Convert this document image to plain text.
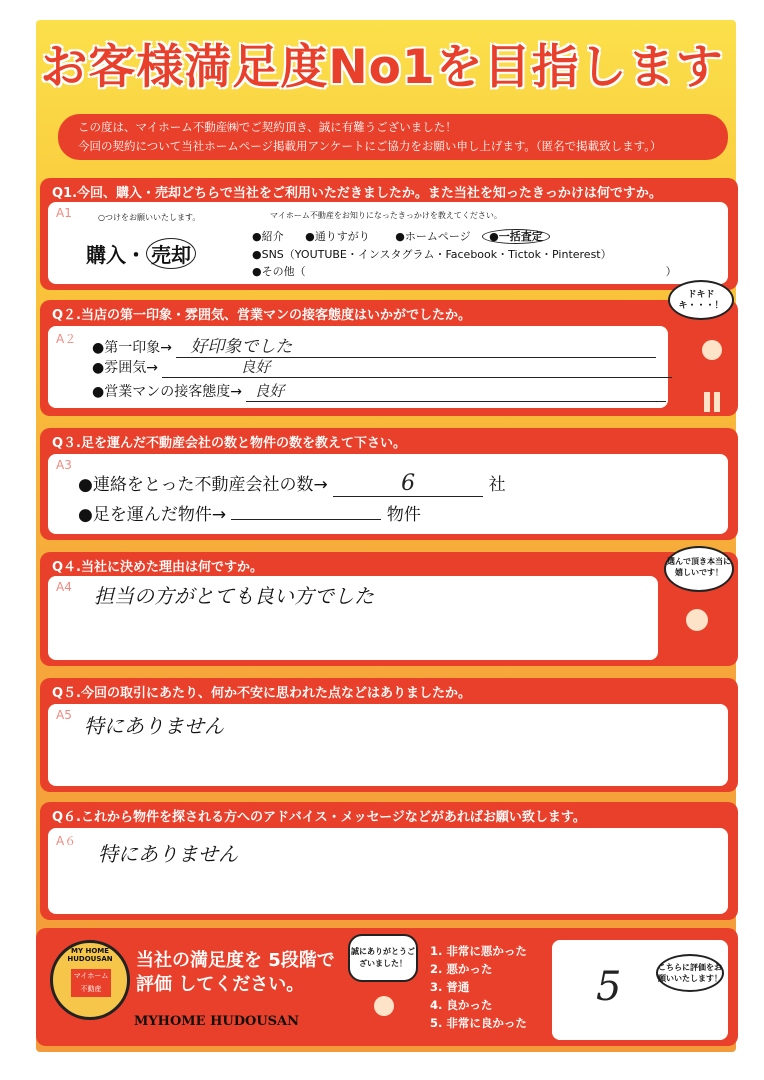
お客様満足度No1を目指します
この度は、マイホーム不動産㈱でご契約頂き、誠に有難うございました！
今回の契約について当社ホームページ掲載用アンケートにご協力をお願い申し上げます。（匿名で掲載致します。）
Q1.今回、購入・売却どちらで当社をご利用いただきましたか。また当社を知ったきっかけは何ですか。
A1	○つけをお願いいたします。
購入・ 売却
マイホーム不動産をお知りになったきっかけを教えてください。
●紹介 ●通りすがり ●ホームページ ●一括査定
●SNS（YOUTUBE・インスタグラム・Facebook・Tictok・Pinterest）
●その他（	）
Q２.当店の第一印象・雰囲気、営業マンの接客態度はいかがでしたか。
A２
●第一印象→ 好印象でした
●雰囲気→	良好
●営業マンの接客態度→ 良好
ドキドキ・・・！
Q３.足を運んだ不動産会社の数と物件の数を教えて下さい。
A3
●連絡をとった不動産会社の数→	6	社
●足を運んだ物件→	物件
Q４.当社に決めた理由は何ですか。
A4 担当の方がとても良い方でした
選んで頂き本当に嬉しいです！
Q５.今回の取引にあたり、何か不安に思われた点などはありましたか。
A5 特にありません
Q６.これから物件を探される方へのアドバイス・メッセージなどがあればお願い致します。
A６
特にありません
MY HOME HUDOUSAN
マイホーム不動産
当社の満足度を 5段階で
評価 してください。
MYHOME HUDOUSAN
誠にありがとうございました！
1. 非常に悪かった
2. 悪かった
3. 普通
4. 良かった
5. 非常に良かった
5	こちらに評価をお願いいたします！
